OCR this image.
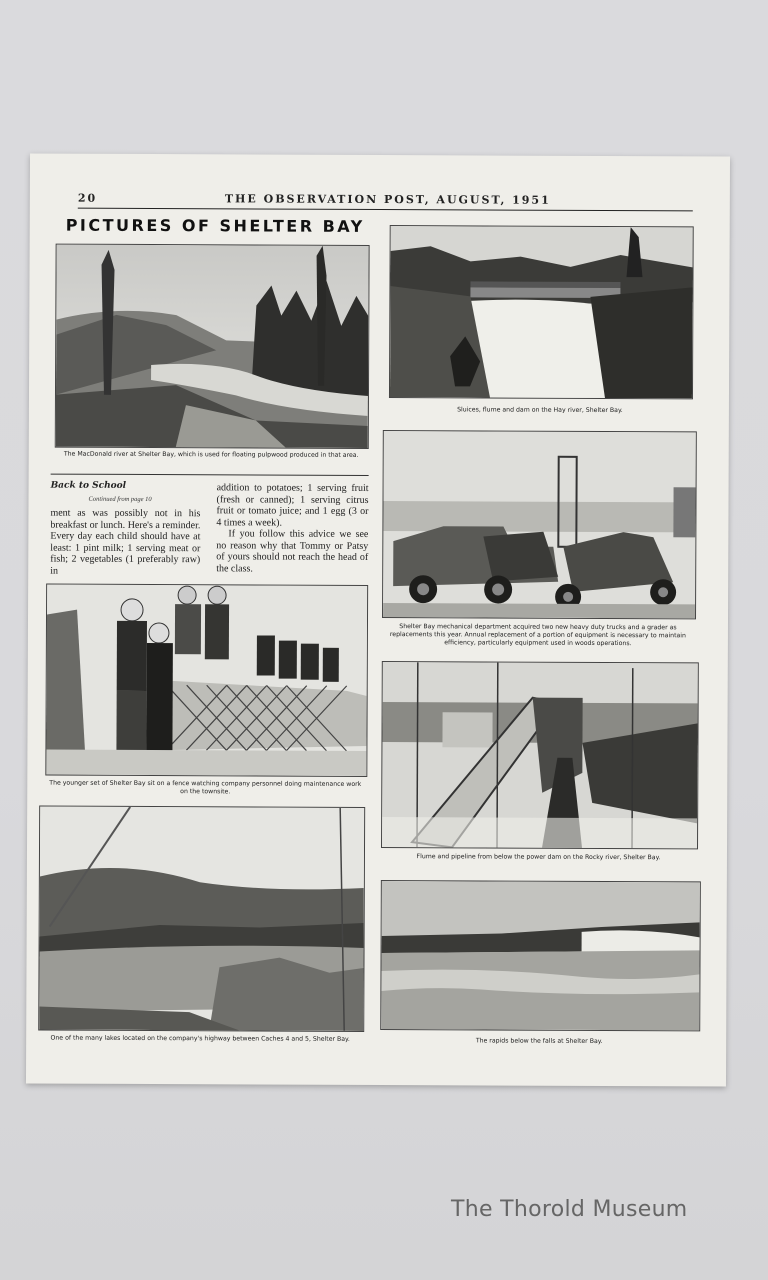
20	THE OBSERVATION POST, AUGUST, 1951
PICTURES OF SHELTER BAY
The MacDonald river at Shelter Bay, which is used for floating pulpwood produced in that area.
Sluices, flume and dam on the Hay river, Shelter Bay.
Shelter Bay mechanical department acquired two new heavy duty trucks and a grader as replacements this year. Annual replacement of a portion of equipment is necessary to maintain efficiency, particularly equipment used in woods operations.
Back to School
Continued from page 10

ment as was possibly not in his breakfast or lunch. Here's a reminder. Every day each child should have at least: 1 pint milk; 1 serving meat or fish; 2 vegetables (1 preferably raw) in

addition to potatoes; 1 serving fruit (fresh or canned); 1 serving citrus fruit or tomato juice; and 1 egg (3 or 4 times a week).

If you follow this advice we see no reason why that Tommy or Patsy of yours should not reach the head of the class.

The younger set of Shelter Bay sit on a fence watching company personnel doing maintenance work on the townsite.
Flume and pipeline from below the power dam on the Rocky river, Shelter Bay.
One of the many lakes located on the company's highway between Caches 4 and 5, Shelter Bay.	The rapids below the falls at Shelter Bay.
The Thorold Museum
